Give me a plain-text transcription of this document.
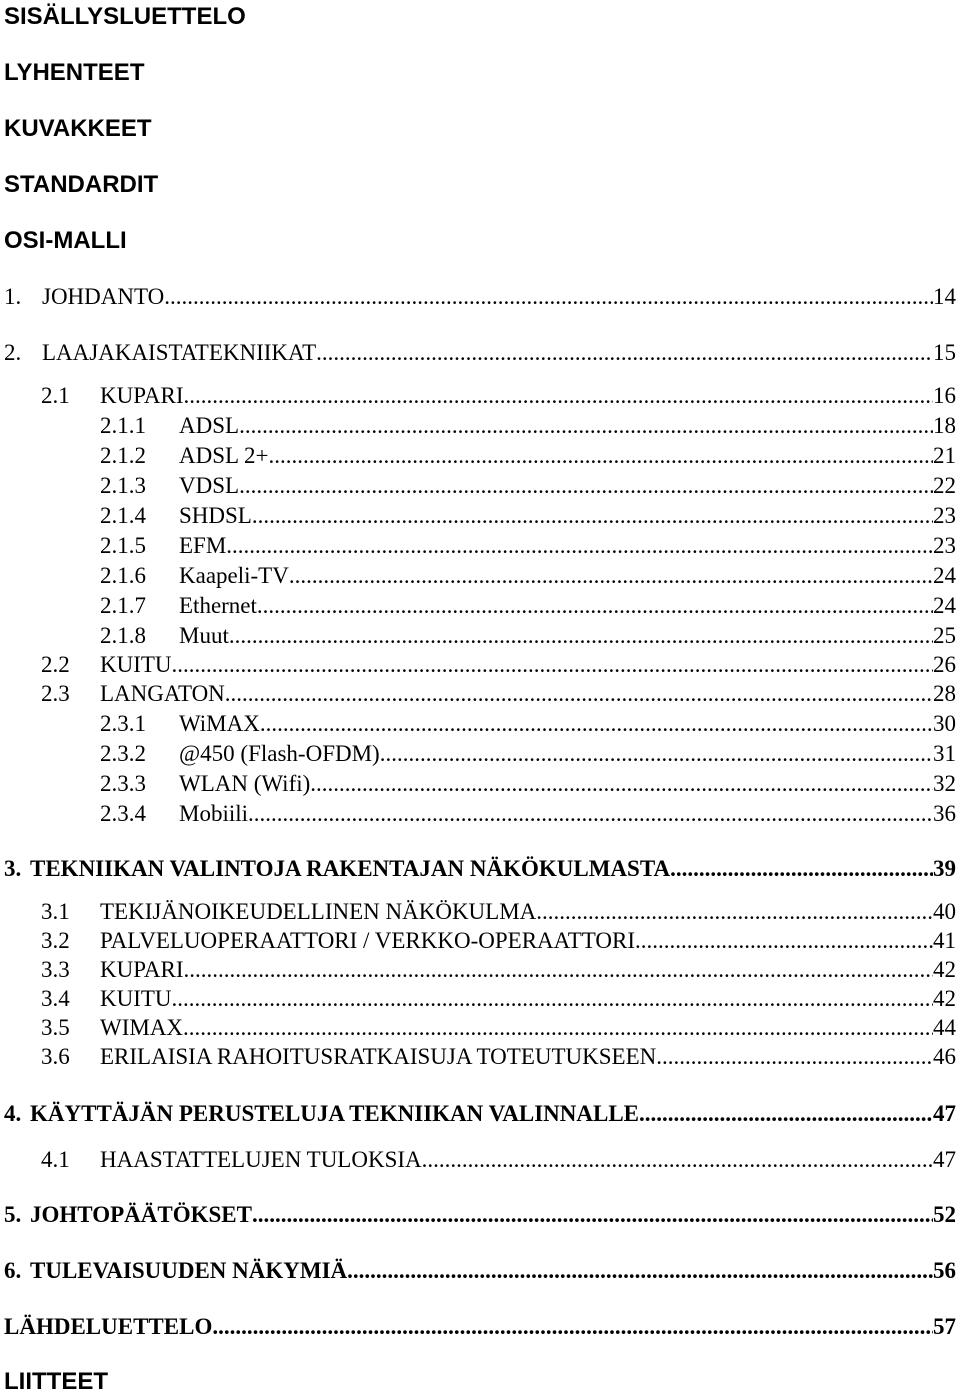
SISÄLLYSLUETTELO
LYHENTEET
KUVAKKEET
STANDARDIT
OSI-MALLI
1. JOHDANTO .....	14
2. LAAJAKAISTATEKNIIKAT .....	15
2.1	KUPARI .....	16
2.1.1	ADSL .....	18
2.1.2	ADSL 2+ .....	21
2.1.3	VDSL .....	22
2.1.4	SHDSL .....	23
2.1.5	EFM .....	23
2.1.6	Kaapeli-TV .....	24
2.1.7	Ethernet .....	24
2.1.8	Muut .....	25
2.2	KUITU .....	26
2.3	LANGATON .....	28
2.3.1	WiMAX .....	30
2.3.2	@450 (Flash-OFDM) .....	31
2.3.3	WLAN (Wifi) .....	32
2.3.4	Mobiili .....	36
3. TEKNIIKAN VALINTOJA RAKENTAJAN NÄKÖKULMASTA .....	39
3.1	TEKIJÄNOIKEUDELLINEN NÄKÖKULMA .....	40
3.2	PALVELUOPERAATTORI / VERKKO-OPERAATTORI .....	41
3.3	KUPARI .....	42
3.4	KUITU .....	42
3.5	WIMAX .....	44
3.6	ERILAISIA RAHOITUSRATKAISUJA TOTEUTUKSEEN .....	46
4. KÄYTTÄJÄN PERUSTELUJA TEKNIIKAN VALINNALLE .....	47
4.1	HAASTATTELUJEN TULOKSIA .....	47
5. JOHTOPÄÄTÖKSET .....	52
6. TULEVAISUUDEN NÄKYMIÄ .....	56
LÄHDELUETTELO .....	57
LIITTEET
